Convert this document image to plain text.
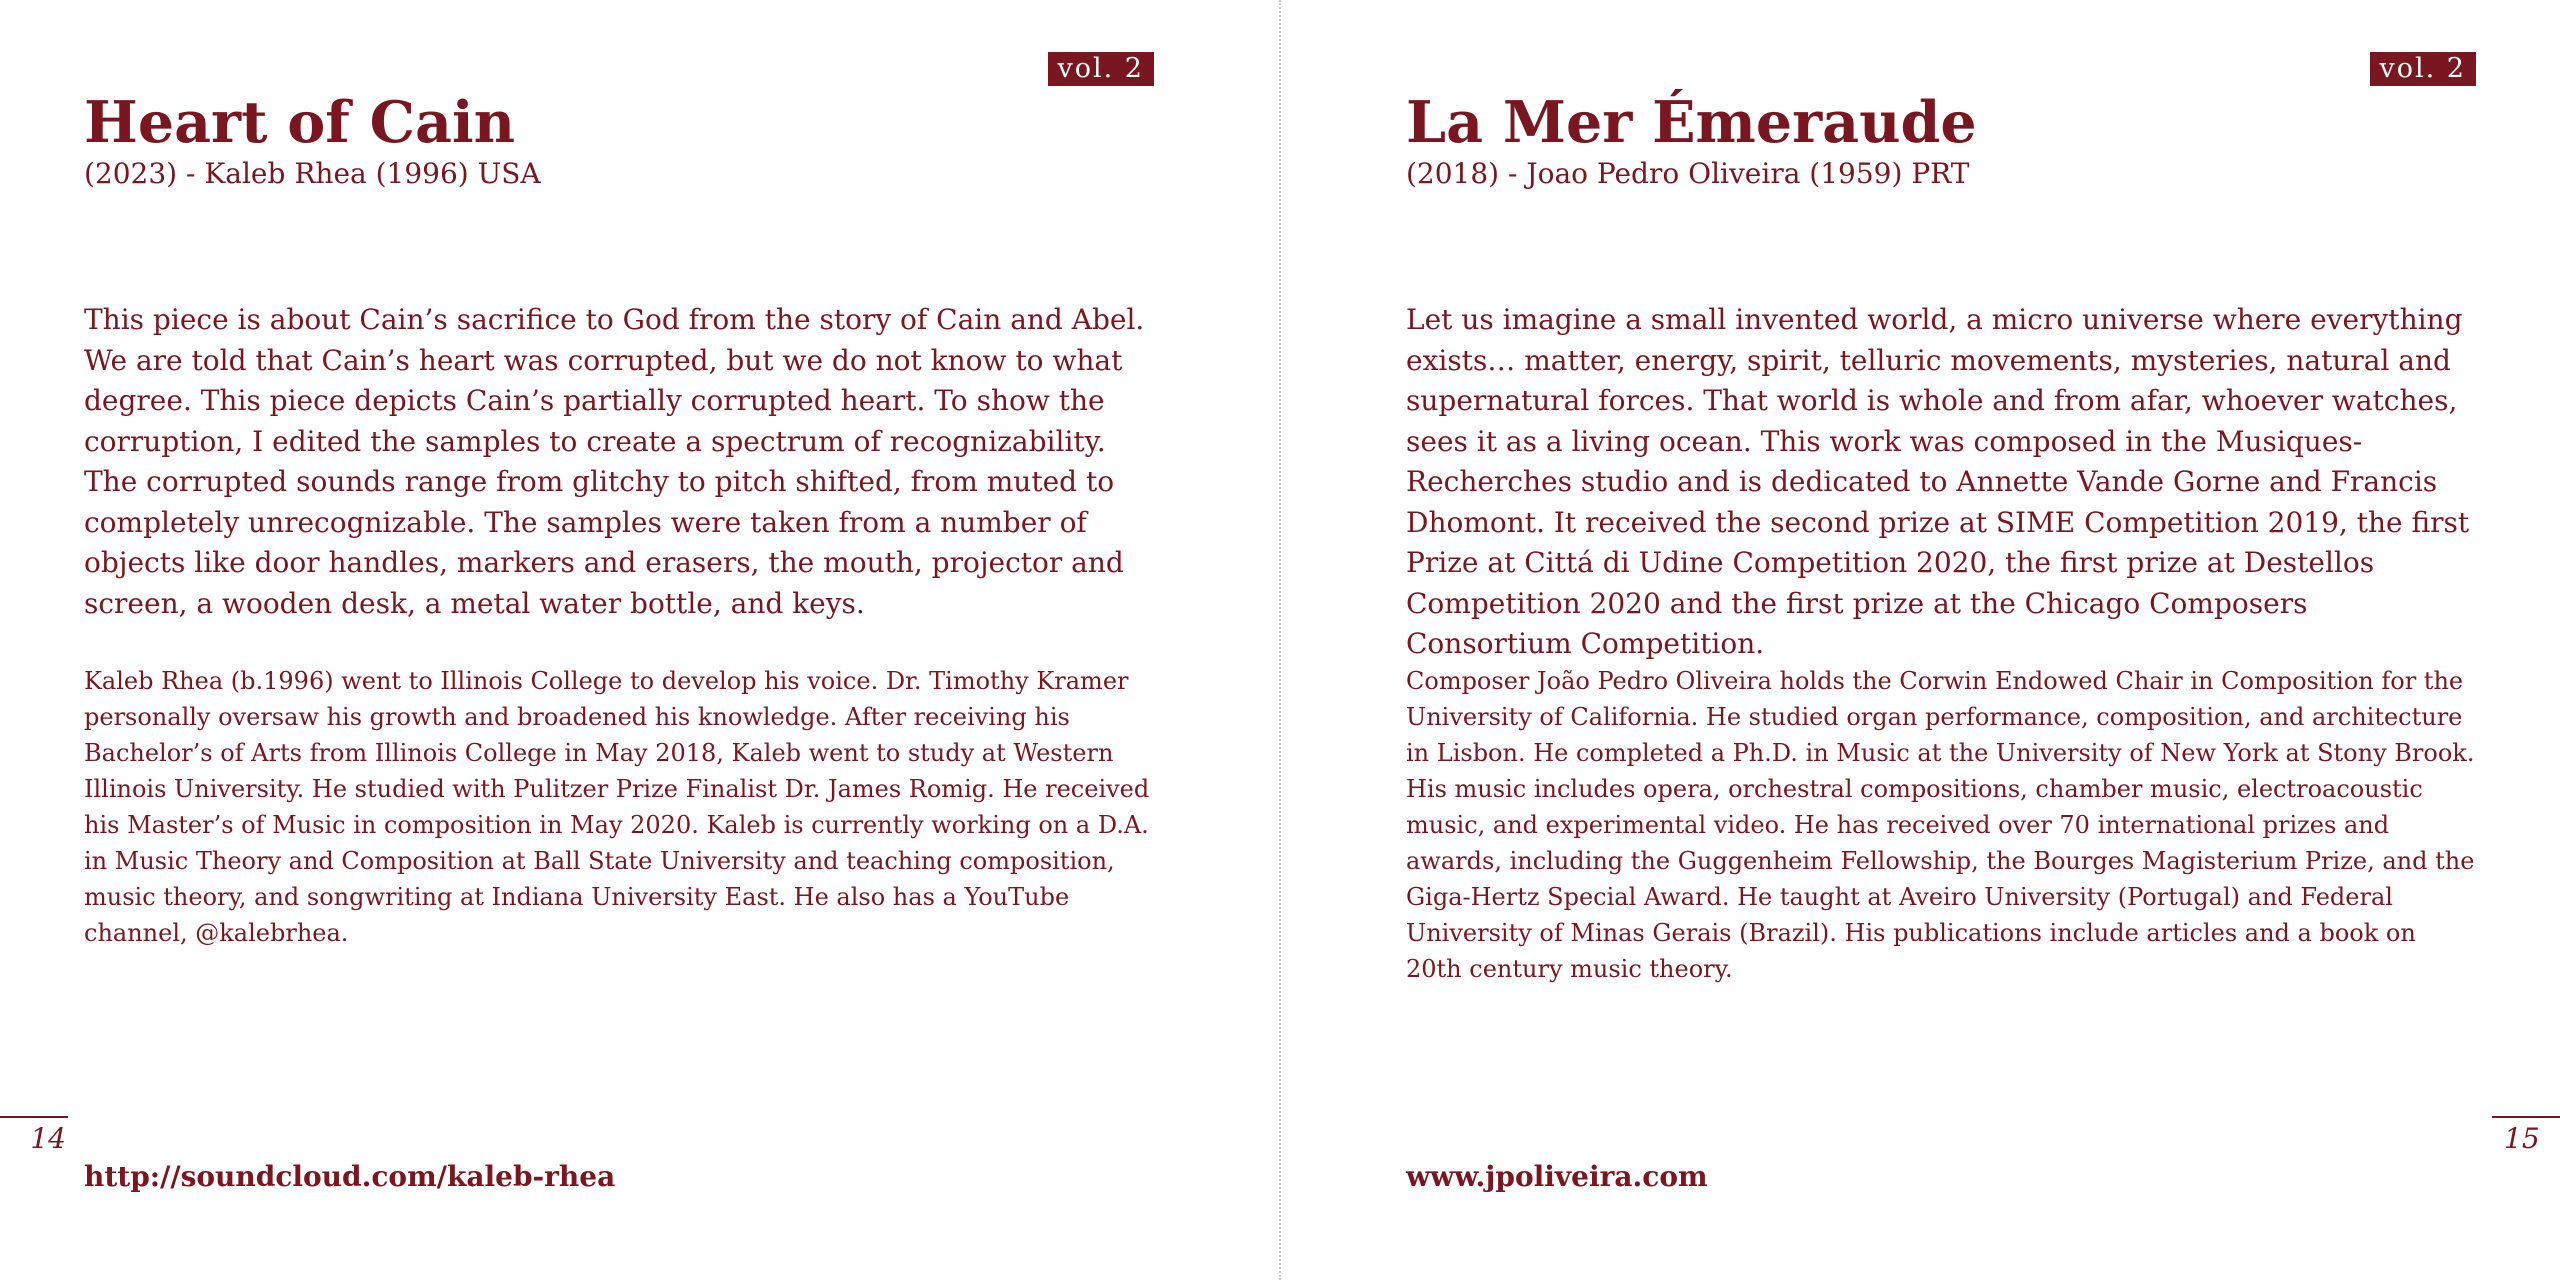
vol. 2
Heart of Cain

(2023) - Kaleb Rhea (1996) USA

This piece is about Cain’s sacrifice to God from the story of Cain and Abel. We are told that Cain’s heart was corrupted, but we do not know to what degree. This piece depicts Cain’s partially corrupted heart. To show the corruption, I edited the samples to create a spectrum of recognizability. The corrupted sounds range from glitchy to pitch shifted, from muted to completely unrecognizable. The samples were taken from a number of objects like door handles, markers and erasers, the mouth, projector and screen, a wooden desk, a metal water bottle, and keys.

Kaleb Rhea (b.1996) went to Illinois College to develop his voice. Dr. Timothy Kramer personally oversaw his growth and broadened his knowledge. After receiving his Bachelor’s of Arts from Illinois College in May 2018, Kaleb went to study at Western Illinois University. He studied with Pulitzer Prize Finalist Dr. James Romig. He received his Master’s of Music in composition in May 2020. Kaleb is currently working on a D.A. in Music Theory and Composition at Ball State University and teaching composition, music theory, and songwriting at Indiana University East. He also has a YouTube channel, @kalebrhea.

http://soundcloud.com/kaleb-rhea

14
vol. 2
La Mer Émeraude

(2018) - Joao Pedro Oliveira (1959) PRT

Let us imagine a small invented world, a micro universe where everything exists… matter, energy, spirit, telluric movements, mysteries, natural and supernatural forces. That world is whole and from afar, whoever watches, sees it as a living ocean. This work was composed in the Musiques-Recherches studio and is dedicated to Annette Vande Gorne and Francis Dhomont. It received the second prize at SIME Competition 2019, the first Prize at Cittá di Udine Competition 2020, the first prize at Destellos Competition 2020 and the first prize at the Chicago Composers Consortium Competition.

Composer João Pedro Oliveira holds the Corwin Endowed Chair in Composition for the University of California. He studied organ performance, composition, and architecture in Lisbon. He completed a Ph.D. in Music at the University of New York at Stony Brook. His music includes opera, orchestral compositions, chamber music, electroacoustic music, and experimental video. He has received over 70 international prizes and awards, including the Guggenheim Fellowship, the Bourges Magisterium Prize, and the Giga-Hertz Special Award. He taught at Aveiro University (Portugal) and Federal University of Minas Gerais (Brazil). His publications include articles and a book on 20th century music theory.

www.jpoliveira.com

15
